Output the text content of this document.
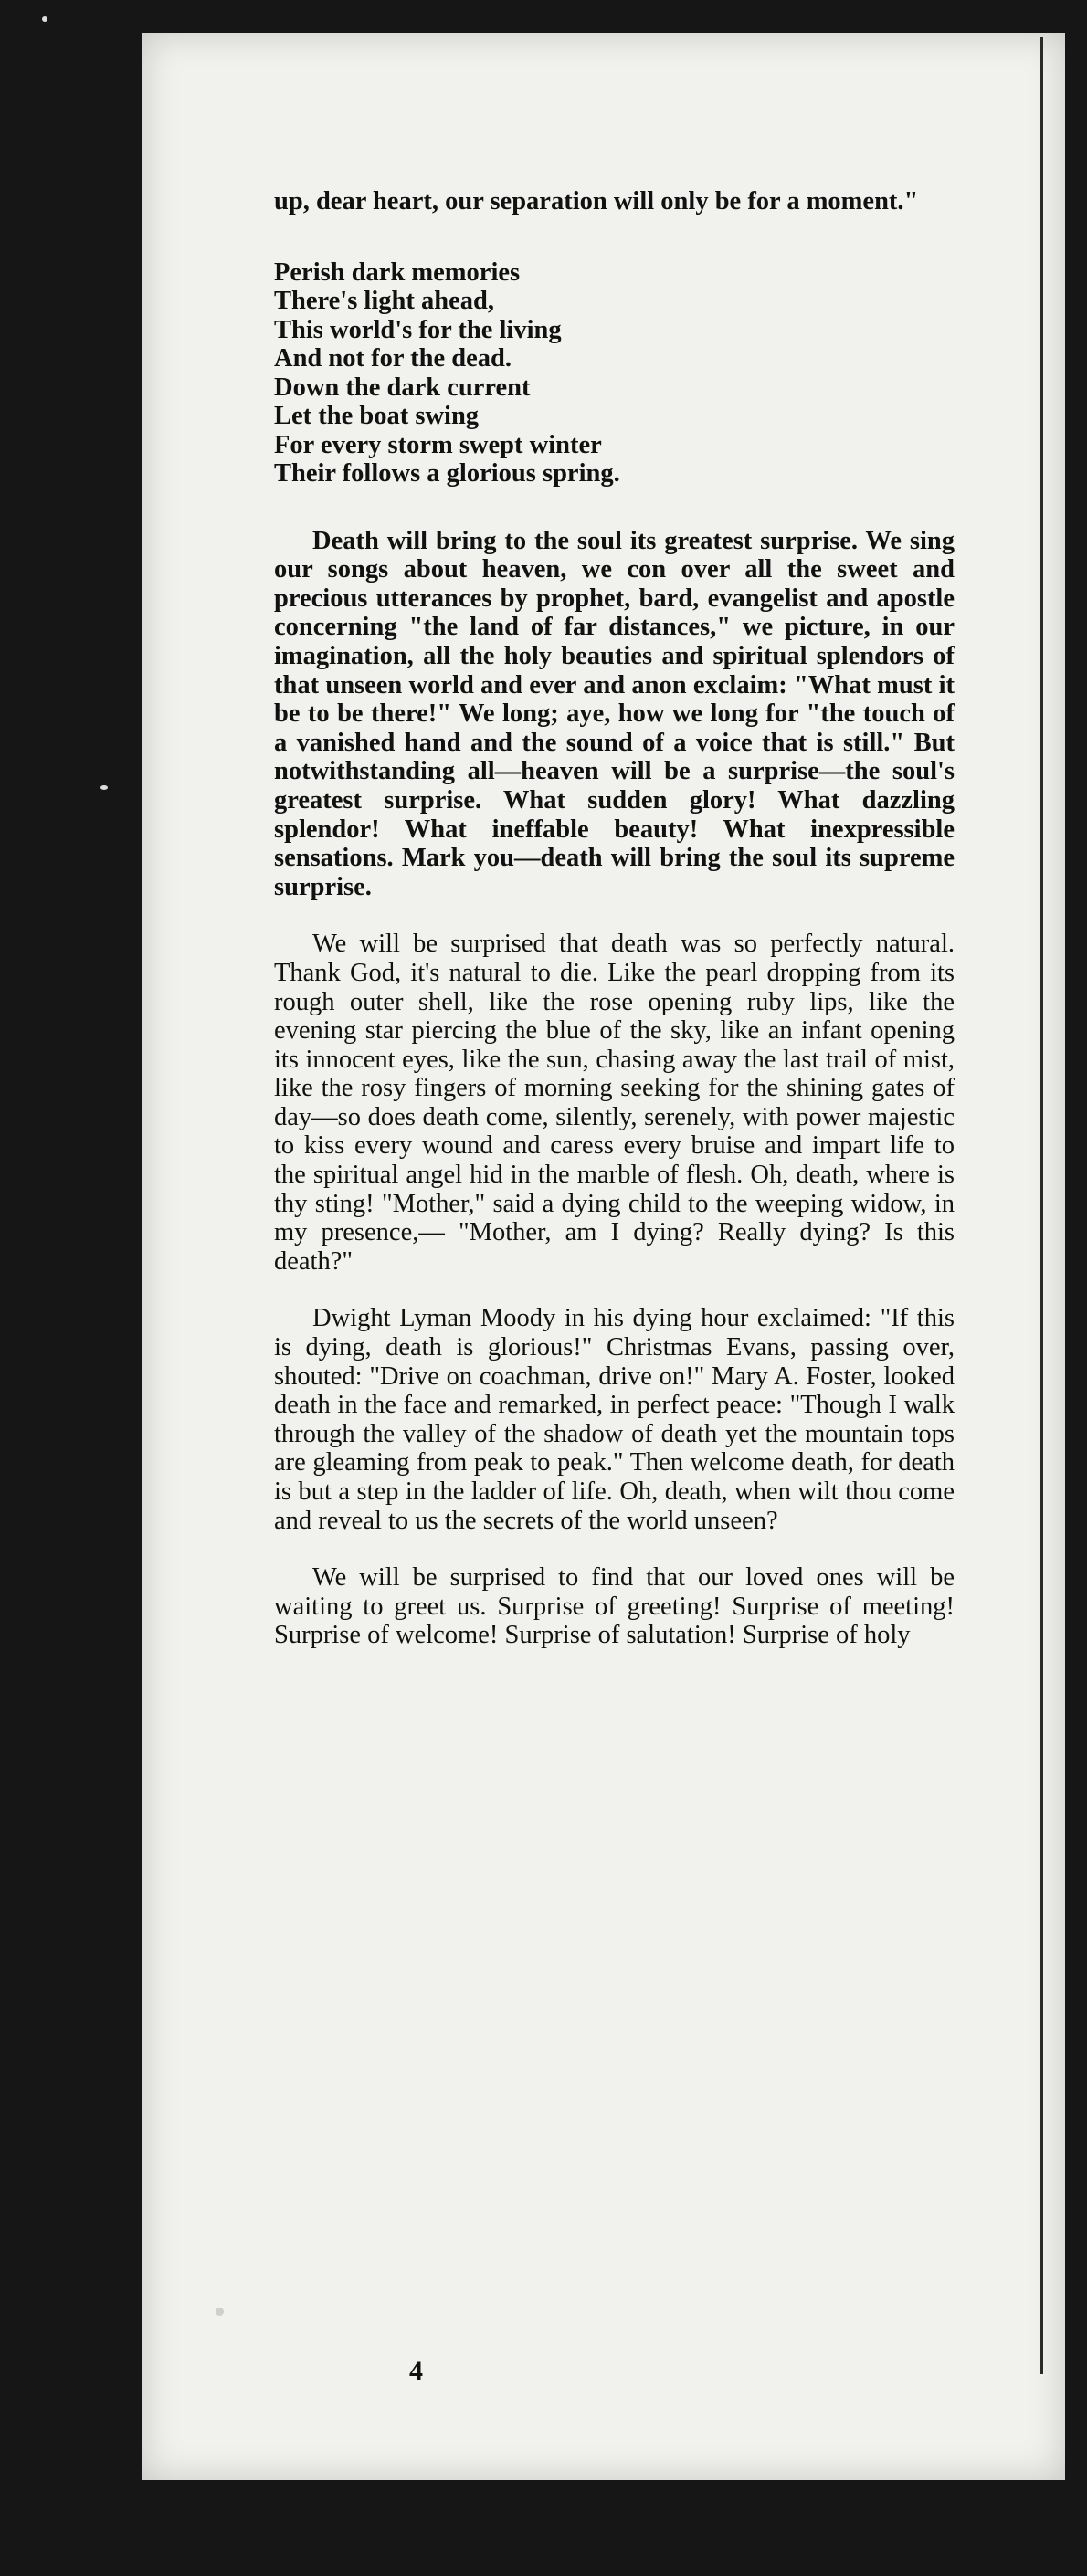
up, dear heart, our separation will only be for a moment."

Perish dark memories
There's light ahead,
This world's for the living
And not for the dead.
Down the dark current
Let the boat swing
For every storm swept winter
Their follows a glorious spring.

Death will bring to the soul its greatest surprise. We sing our songs about heaven, we con over all the sweet and precious utterances by prophet, bard, evangelist and apostle concerning "the land of far distances," we picture, in our imagination, all the holy beauties and spiritual splendors of that unseen world and ever and anon exclaim: "What must it be to be there!" We long; aye, how we long for "the touch of a vanished hand and the sound of a voice that is still." But notwithstanding all—heaven will be a surprise—the soul's greatest surprise. What sudden glory! What dazzling splendor! What ineffable beauty! What inexpressible sensations. Mark you—death will bring the soul its supreme surprise.

We will be surprised that death was so perfectly natural. Thank God, it's natural to die. Like the pearl dropping from its rough outer shell, like the rose opening ruby lips, like the evening star piercing the blue of the sky, like an infant opening its innocent eyes, like the sun, chasing away the last trail of mist, like the rosy fingers of morning seeking for the shining gates of day—so does death come, silently, serenely, with power majestic to kiss every wound and caress every bruise and impart life to the spiritual angel hid in the marble of flesh. Oh, death, where is thy sting! "Mother," said a dying child to the weeping widow, in my presence,— "Mother, am I dying? Really dying? Is this death?"

Dwight Lyman Moody in his dying hour exclaimed: "If this is dying, death is glorious!" Christmas Evans, passing over, shouted: "Drive on coachman, drive on!" Mary A. Foster, looked death in the face and remarked, in perfect peace: "Though I walk through the valley of the shadow of death yet the mountain tops are gleaming from peak to peak." Then welcome death, for death is but a step in the ladder of life. Oh, death, when wilt thou come and reveal to us the secrets of the world unseen?

We will be surprised to find that our loved ones will be waiting to greet us. Surprise of greeting! Surprise of meeting! Surprise of welcome! Surprise of salutation! Surprise of holy

4
